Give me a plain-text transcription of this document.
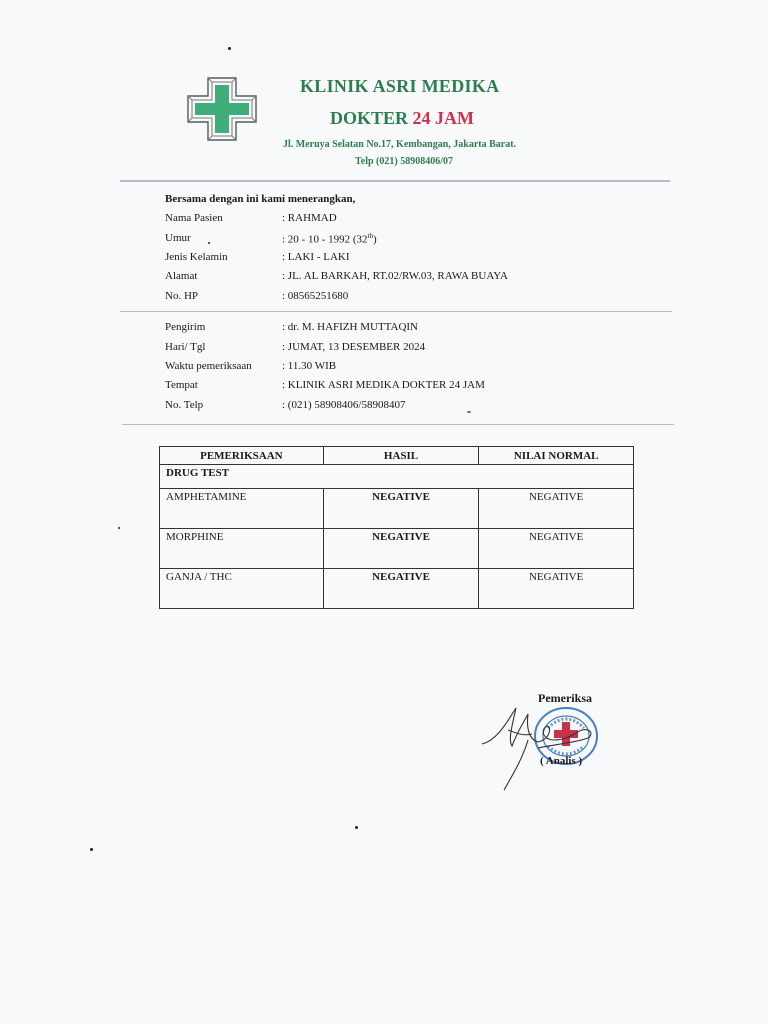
KLINIK ASRI MEDIKA
DOKTER 24 JAM
Jl. Meruya Selatan No.17, Kembangan, Jakarta Barat.
Telp (021) 58908406/07
Bersama dengan ini kami menerangkan,
Nama Pasien	: RAHMAD
Umur	: 20 - 10 - 1992 (32th)
Jenis Kelamin	: LAKI - LAKI
Alamat	: JL. AL BARKAH, RT.02/RW.03, RAWA BUAYA
No. HP	: 08565251680
Pengirim	: dr. M. HAFIZH MUTTAQIN
Hari/ Tgl	: JUMAT, 13 DESEMBER 2024
Waktu pemeriksaan	: 11.30 WIB
Tempat	: KLINIK ASRI MEDIKA DOKTER 24 JAM
No. Telp	: (021) 58908406/58908407
PEMERIKSAAN	HASIL	NILAI NORMAL
DRUG TEST		
AMPHETAMINE	NEGATIVE	NEGATIVE
MORPHINE	NEGATIVE	NEGATIVE
GANJA / THC	NEGATIVE	NEGATIVE
Pemeriksa
( Analis )
